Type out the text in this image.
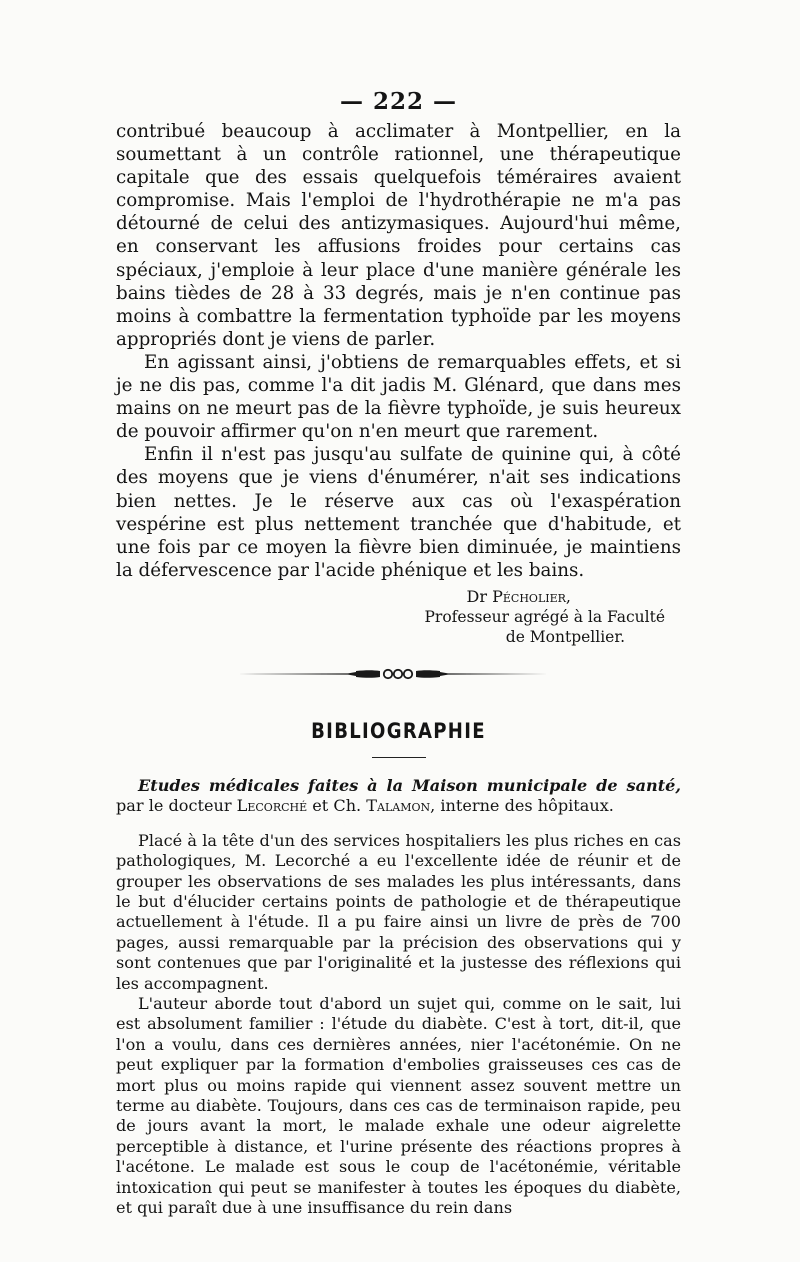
— 222 —

contribué beaucoup à acclimater à Montpellier, en la soumettant à un contrôle rationnel, une thérapeutique capitale que des essais quelquefois téméraires avaient compromise. Mais l'emploi de l'hydrothérapie ne m'a pas détourné de celui des antizymasiques. Aujourd'hui même, en conservant les affusions froides pour certains cas spéciaux, j'emploie à leur place d'une manière générale les bains tièdes de 28 à 33 degrés, mais je n'en continue pas moins à combattre la fermentation typhoïde par les moyens appropriés dont je viens de parler.

En agissant ainsi, j'obtiens de remarquables effets, et si je ne dis pas, comme l'a dit jadis M. Glénard, que dans mes mains on ne meurt pas de la fièvre typhoïde, je suis heureux de pouvoir affirmer qu'on n'en meurt que rarement.

Enfin il n'est pas jusqu'au sulfate de quinine qui, à côté des moyens que je viens d'énumérer, n'ait ses indications bien nettes. Je le réserve aux cas où l'exaspération vespérine est plus nettement tranchée que d'habitude, et une fois par ce moyen la fièvre bien diminuée, je maintiens la défervescence par l'acide phénique et les bains.

Dr Pécholier,
Professeur agrégé à la Faculté
de Montpellier.
BIBLIOGRAPHIE

Etudes médicales faites à la Maison municipale de santé, par le docteur Lecorché et Ch. Talamon, interne des hôpitaux.

Placé à la tête d'un des services hospitaliers les plus riches en cas pathologiques, M. Lecorché a eu l'excellente idée de réunir et de grouper les observations de ses malades les plus intéressants, dans le but d'élucider certains points de pathologie et de thérapeutique actuellement à l'étude. Il a pu faire ainsi un livre de près de 700 pages, aussi remarquable par la précision des observations qui y sont contenues que par l'originalité et la justesse des réflexions qui les accompagnent.

L'auteur aborde tout d'abord un sujet qui, comme on le sait, lui est absolument familier : l'étude du diabète. C'est à tort, dit-il, que l'on a voulu, dans ces dernières années, nier l'acétonémie. On ne peut expliquer par la formation d'embolies graisseuses ces cas de mort plus ou moins rapide qui viennent assez souvent mettre un terme au diabète. Toujours, dans ces cas de terminaison rapide, peu de jours avant la mort, le malade exhale une odeur aigrelette perceptible à distance, et l'urine présente des réactions propres à l'acétone. Le malade est sous le coup de l'acétonémie, véritable intoxication qui peut se manifester à toutes les époques du diabète, et qui paraît due à une insuffisance du rein dans
